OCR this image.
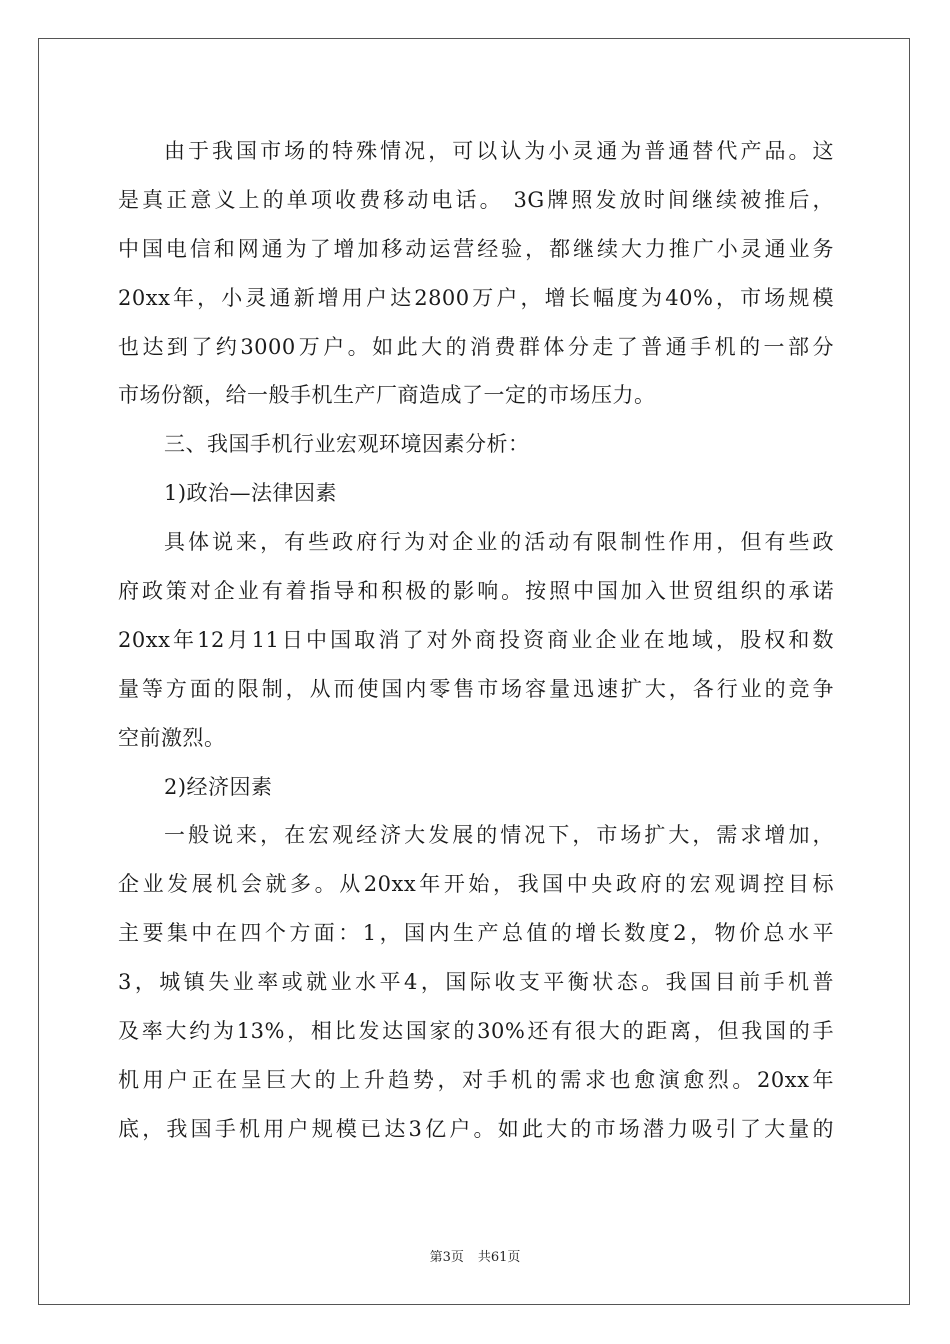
由于我国市场的特殊情况，可以认为小灵通为普通替代产品。这
是真正意义上的单项收费移动电话。 3G牌照发放时间继续被推后，
中国电信和网通为了增加移动运营经验，都继续大力推广小灵通业务
20xx年，小灵通新增用户达2800万户，增长幅度为40%，市场规模
也达到了约3000万户。如此大的消费群体分走了普通手机的一部分
市场份额，给一般手机生产厂商造成了一定的市场压力。
三、我国手机行业宏观环境因素分析：
1)政治—法律因素
具体说来，有些政府行为对企业的活动有限制性作用，但有些政
府政策对企业有着指导和积极的影响。按照中国加入世贸组织的承诺
20xx年12月11日中国取消了对外商投资商业企业在地域，股权和数
量等方面的限制，从而使国内零售市场容量迅速扩大，各行业的竞争
空前激烈。
2)经济因素
一般说来，在宏观经济大发展的情况下，市场扩大，需求增加，
企业发展机会就多。从20xx年开始，我国中央政府的宏观调控目标
主要集中在四个方面：1，国内生产总值的增长数度2，物价总水平
3，城镇失业率或就业水平4，国际收支平衡状态。我国目前手机普
及率大约为13%，相比发达国家的30%还有很大的距离，但我国的手
机用户正在呈巨大的上升趋势，对手机的需求也愈演愈烈。20xx年
底，我国手机用户规模已达3亿户。如此大的市场潜力吸引了大量的
第3页 共61页
